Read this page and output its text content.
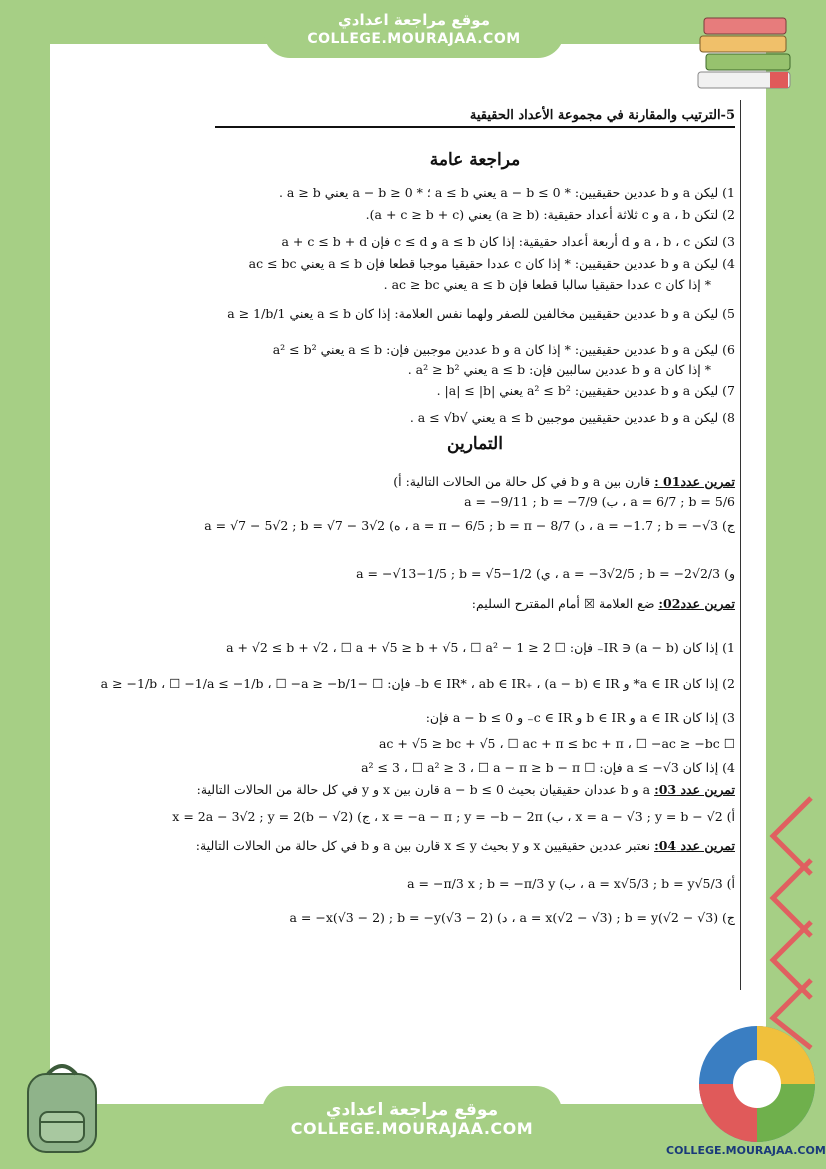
موقع مراجعة اعدادي
COLLEGE.MOURAJAA.COM
5-الترتيب والمقارنة في مجموعة الأعداد الحقيقية
مراجعة عامة
1) ليكن a و b عددين حقيقيين: * a − b ≤ 0 يعني a ≤ b ؛ * a − b ≥ 0 يعني a ≥ b .
2) لتكن a ، b و c ثلاثة أعداد حقيقية: (a ≥ b) يعني (a + c ≥ b + c).
3) لتكن a ، b ، c و d أربعة أعداد حقيقية: إذا كان a ≤ b و c ≤ d فإن a + c ≤ b + d
4) ليكن a و b عددين حقيقيين: * إذا كان c عددا حقيقيا موجبا قطعا فإن a ≤ b يعني ac ≤ bc
* إذا كان c عددا حقيقيا سالبا قطعا فإن a ≤ b يعني ac ≥ bc .
5) ليكن a و b عددين حقيقيين مخالفين للصفر ولهما نفس العلامة: إذا كان a ≤ b يعني 1/a ≥ 1/b
6) ليكن a و b عددين حقيقيين: * إذا كان a و b عددين موجبين فإن: a ≤ b يعني a² ≤ b²
* إذا كان a و b عددين سالبين فإن: a ≤ b يعني a² ≥ b² .
7) ليكن a و b عددين حقيقيين: a² ≤ b² يعني |a| ≤ |b| .
8) ليكن a و b عددين حقيقيين موجبين a ≤ b يعني √a ≤ √b .
التمارين
تمرين عدد01 : قارن بين a و b في كل حالة من الحالات التالية: أ)
a = 6/7 ; b = 5/6 ، ب) a = −9/11 ; b = −7/9
ج) a = −1.7 ; b = −√3 ، د) a = π − 6/5 ; b = π − 8/7 ، ه) a = √7 − 5√2 ; b = √7 − 3√2
و) a = −3√2/5 ; b = −2√2/3 ، ي) a = −√13−1/5 ; b = √5−1/2
تمرين عدد02: ضع العلامة ☒ أمام المقترح السليم:
1) إذا كان (a − b) ∈ IR₋ فإن: ☐ a + √2 ≤ b + √2 ، ☐ a + √5 ≥ b + √5 ، ☐ a² − 1 ≥ 2
2) إذا كان a ∈ IR* و b ∈ IR* ، ab ∈ IR₊ ، (a − b) ∈ IR₋ فإن: ☐ −1/a ≥ −1/b ، ☐ −1/a ≤ −1/b ، ☐ −a ≥ −b
3) إذا كان a ∈ IR و b ∈ IR و c ∈ IR₋ و a − b ≤ 0 فإن:
☐ ac + √5 ≥ bc + √5 ، ☐ ac + π ≤ bc + π ، ☐ −ac ≥ −bc
4) إذا كان a ≤ −√3 فإن: ☐ a² ≤ 3 ، ☐ a² ≥ 3 ، ☐ a − π ≥ b − π
تمرين عدد 03: a و b عددان حقيقيان بحيث a − b ≤ 0 قارن بين x و y في كل حالة من الحالات التالية:
أ) x = a − √3 ; y = b − √2 ، ب) x = −a − π ; y = −b − 2π ، ج) x = 2a − 3√2 ; y = 2(b − √2)
تمرين عدد 04: نعتبر عددين حقيقيين x و y بحيث x ≤ y قارن بين a و b في كل حالة من الحالات التالية:
أ) a = x√5/3 ; b = y√5/3 ، ب) a = −π/3 x ; b = −π/3 y
ج) a = x(√2 − √3) ; b = y(√2 − √3) ، د) a = −x(√3 − 2) ; b = −y(√3 − 2)
موقع مراجعة اعدادي
COLLEGE.MOURAJAA.COM
COLLEGE.MOURAJAA.COM
